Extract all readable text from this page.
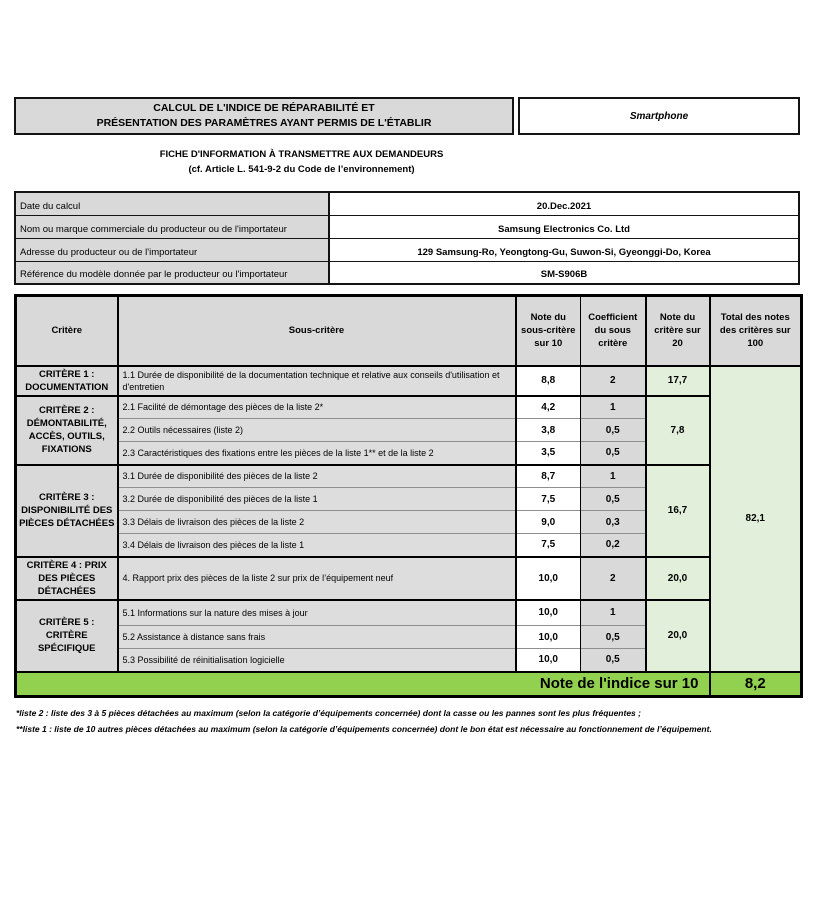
CALCUL DE L'INDICE DE RÉPARABILITÉ ET
PRÉSENTATION DES PARAMÈTRES AYANT PERMIS DE L'ÉTABLIR
Smartphone
FICHE D'INFORMATION À TRANSMETTRE AUX DEMANDEURS
(cf. Article L. 541-9-2 du Code de l’environnement)
Date du calcul	20.Dec.2021
Nom ou marque commerciale du producteur ou de l'importateur	Samsung Electronics Co. Ltd
Adresse du producteur ou de l'importateur	129 Samsung-Ro, Yeongtong-Gu, Suwon-Si, Gyeonggi-Do, Korea
Référence du modèle donnée par le producteur ou l'importateur	SM-S906B
Critère	Sous-critère	Note du sous-critère sur 10	Coefficient du sous critère	Note du critère sur 20	Total des notes des critères sur 100
CRITÈRE 1 : DOCUMENTATION	1.1 Durée de disponibilité de la documentation technique et relative aux conseils d'utilisation et d'entretien	8,8	2	17,7	82,1
CRITÈRE 2 : DÉMONTABILITÉ, ACCÈS, OUTILS, FIXATIONS	2.1 Facilité de démontage des pièces de la liste 2*	4,2	1	7,8	
	2.2 Outils nécessaires (liste 2)	3,8	0,5		
	2.3 Caractéristiques des fixations entre les pièces de la liste 1** et de la liste 2	3,5	0,5		
CRITÈRE 3 : DISPONIBILITÉ DES PIÈCES DÉTACHÉES	3.1 Durée de disponibilité des pièces de la liste 2	8,7	1	16,7	
	3.2 Durée de disponibilité des pièces de la liste 1	7,5	0,5		
	3.3 Délais de livraison des pièces de la liste 2	9,0	0,3		
	3.4 Délais de livraison des pièces de la liste 1	7,5	0,2		
CRITÈRE 4 : PRIX DES PIÈCES DÉTACHÉES	4. Rapport prix des pièces de la liste 2 sur prix de l’équipement neuf	10,0	2	20,0	
CRITÈRE 5 : CRITÈRE SPÉCIFIQUE	5.1 Informations sur la nature des mises à jour	10,0	1	20,0	
	5.2 Assistance à distance sans frais	10,0	0,5		
	5.3 Possibilité de réinitialisation logicielle	10,0	0,5		
Note de l'indice sur 10					8,2
*liste 2 : liste des 3 à 5 pièces détachées au maximum (selon la catégorie d’équipements concernée) dont la casse ou les pannes sont les plus fréquentes ;
**liste 1 : liste de 10 autres pièces détachées au maximum (selon la catégorie d’équipements concernée) dont le bon état est nécessaire au fonctionnement de l’équipement.
